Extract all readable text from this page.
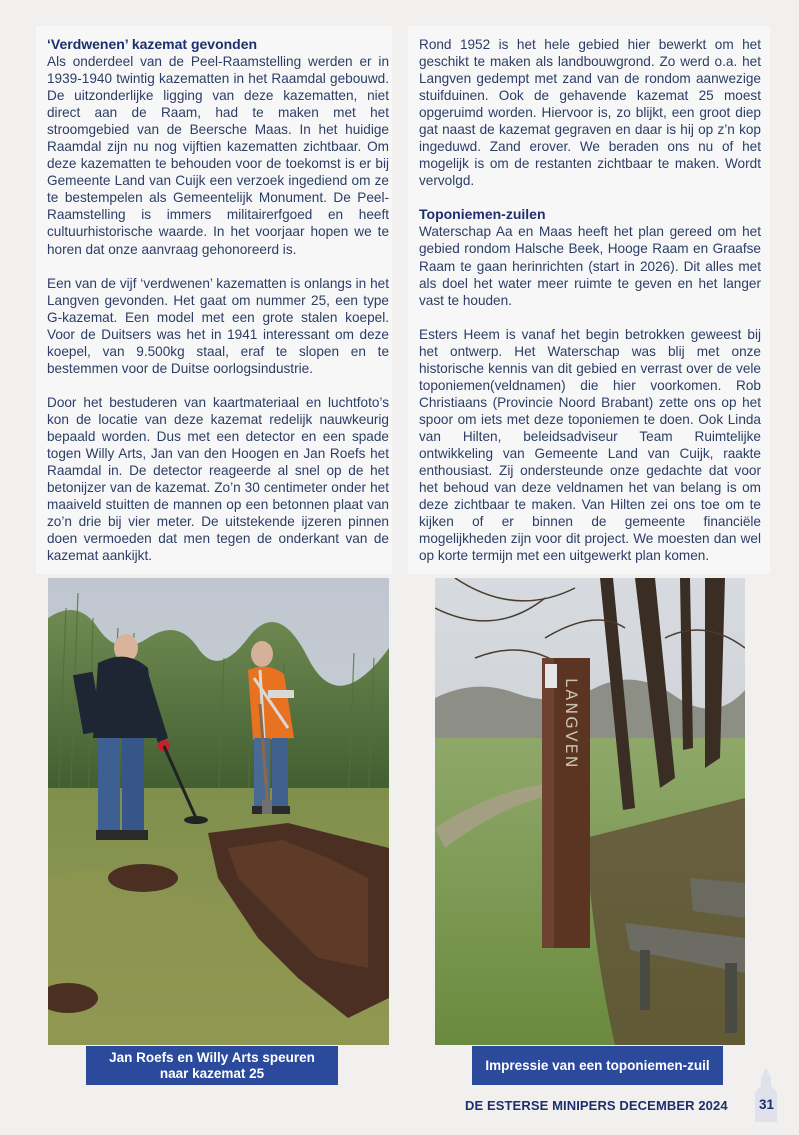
‘Verdwenen’ kazemat gevonden

Als onderdeel van de Peel-Raamstelling werden er in 1939-1940 twintig kazematten in het Raamdal gebouwd. De uitzonderlijke ligging van deze kazematten, niet direct aan de Raam, had te maken met het stroomgebied van de Beersche Maas. In het huidige Raamdal zijn nu nog vijftien kazematten zichtbaar. Om deze kazematten te behouden voor de toekomst is er bij Gemeente Land van Cuijk een verzoek ingediend om ze te bestempelen als Gemeentelijk Monument. De Peel-Raamstelling is immers militairerfgoed en heeft cultuurhistorische waarde. In het voorjaar hopen we te horen dat onze aanvraag gehonoreerd is.

Een van de vijf ‘verdwenen’ kazematten is onlangs in het Langven gevonden. Het gaat om nummer 25, een type G-kazemat. Een model met een grote stalen koepel. Voor de Duitsers was het in 1941 interessant om deze koepel, van 9.500kg staal, eraf te slopen en te bestemmen voor de Duitse oorlogsindustrie.

Door het bestuderen van kaartmateriaal en luchtfoto’s kon de locatie van deze kazemat redelijk nauwkeurig bepaald worden. Dus met een detector en een spade togen Willy Arts, Jan van den Hoogen en Jan Roefs het Raamdal in. De detector reageerde al snel op de het betonijzer van de kazemat. Zo’n 30 centimeter onder het maaiveld stuitten de mannen op een betonnen plaat van zo’n drie bij vier meter. De uitstekende ijzeren pinnen doen vermoeden dat men tegen de onderkant van de kazemat aankijkt.

Rond 1952 is het hele gebied hier bewerkt om het geschikt te maken als landbouwgrond. Zo werd o.a. het Langven gedempt met zand van de rondom aanwezige stuifduinen. Ook de gehavende kazemat 25 moest opgeruimd worden. Hiervoor is, zo blijkt, een groot diep gat naast de kazemat gegraven en daar is hij op z’n kop ingeduwd. Zand erover. We beraden ons nu of het mogelijk is om de restanten zichtbaar te maken. Wordt vervolgd.

Toponiemen-zuilen

Waterschap Aa en Maas heeft het plan gereed om het gebied rondom Halsche Beek, Hooge Raam en Graafse Raam te gaan herinrichten (start in 2026). Dit alles met als doel het water meer ruimte te geven en het langer vast te houden.

Esters Heem is vanaf het begin betrokken geweest bij het ontwerp. Het Waterschap was blij met onze historische kennis van dit gebied en verrast over de vele toponiemen(veldnamen) die hier voorkomen. Rob Christiaans (Provincie Noord Brabant) zette ons op het spoor om iets met deze toponiemen te doen. Ook Linda van Hilten, beleidsadviseur Team Ruimtelijke ontwikkeling van Gemeente Land van Cuijk, raakte enthousiast. Zij ondersteunde onze gedachte dat voor het behoud van deze veldnamen het van belang is om deze zichtbaar te maken. Van Hilten zei ons toe om te kijken of er binnen de gemeente financiële mogelijkheden zijn voor dit project. We moesten dan wel op korte termijn met een uitgewerkt plan komen.

LANGVEN
Jan Roefs en Willy Arts speuren naar kazemat 25
Impressie van een toponiemen-zuil
DE ESTERSE MINIPERS DECEMBER 2024 31
